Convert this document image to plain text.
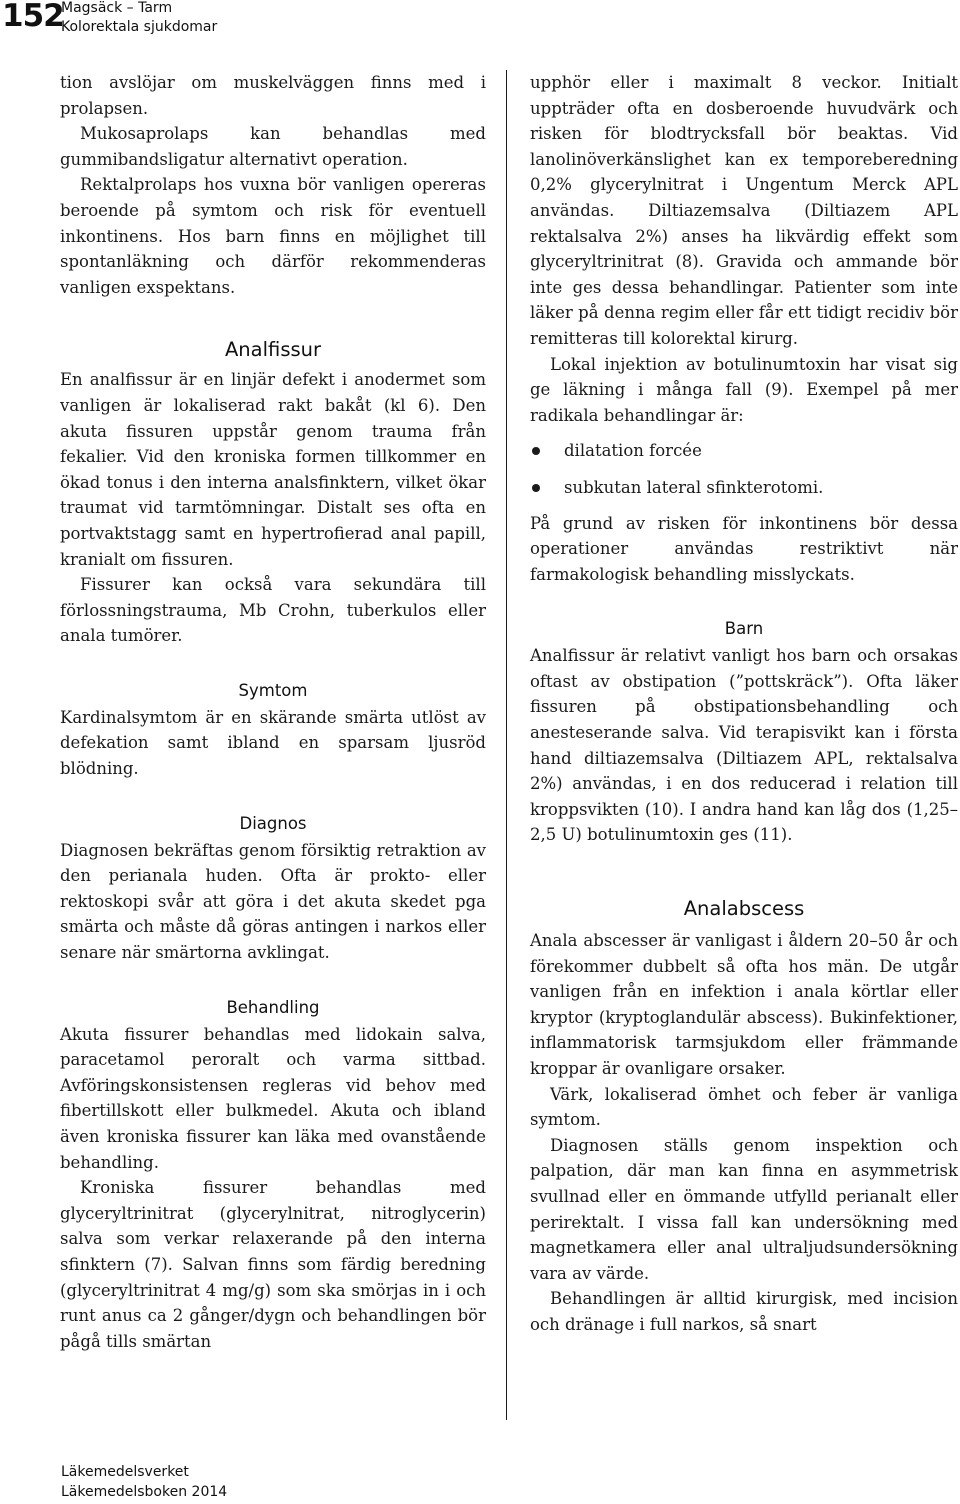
152
Magsäck – Tarm
Kolorektala sjukdomar

tion avslöjar om muskelväggen finns med i prolapsen.

Mukosaprolaps kan behandlas med gummibandsligatur alternativt operation.

Rektalprolaps hos vuxna bör vanligen opereras beroende på symtom och risk för eventuell inkontinens. Hos barn finns en möjlighet till spontanläkning och därför rekommenderas vanligen exspektans.

Analfissur

En analfissur är en linjär defekt i anodermet som vanligen är lokaliserad rakt bakåt (kl 6). Den akuta fissuren uppstår genom trauma från fekalier. Vid den kroniska formen tillkommer en ökad tonus i den interna analsfinktern, vilket ökar traumat vid tarmtömningar. Distalt ses ofta en portvaktstagg samt en hypertrofierad anal papill, kranialt om fissuren.

Fissurer kan också vara sekundära till förlossningstrauma, Mb Crohn, tuberkulos eller anala tumörer.

Symtom

Kardinalsymtom är en skärande smärta utlöst av defekation samt ibland en sparsam ljusröd blödning.

Diagnos

Diagnosen bekräftas genom försiktig retraktion av den perianala huden. Ofta är prokto- eller rektoskopi svår att göra i det akuta skedet pga smärta och måste då göras antingen i narkos eller senare när smärtorna avklingat.

Behandling

Akuta fissurer behandlas med lidokain salva, paracetamol peroralt och varma sittbad. Avföringskonsistensen regleras vid behov med fibertillskott eller bulkmedel. Akuta och ibland även kroniska fissurer kan läka med ovanstående behandling.

Kroniska fissurer behandlas med glyceryltrinitrat (glycerylnitrat, nitroglycerin) salva som verkar relaxerande på den interna sfinktern (7). Salvan finns som färdig beredning (glyceryltrinitrat 4 mg/g) som ska smörjas in i och runt anus ca 2 gånger/dygn och behandlingen bör pågå tills smärtan

upphör eller i maximalt 8 veckor. Initialt uppträder ofta en dosberoende huvudvärk och risken för blodtrycksfall bör beaktas. Vid lanolinöverkänslighet kan ex temporeberedning 0,2% glycerylnitrat i Ungentum Merck APL användas. Diltiazemsalva (Diltiazem APL rektalsalva 2%) anses ha likvärdig effekt som glyceryltrinitrat (8). Gravida och ammande bör inte ges dessa behandlingar. Patienter som inte läker på denna regim eller får ett tidigt recidiv bör remitteras till kolorektal kirurg.

Lokal injektion av botulinumtoxin har visat sig ge läkning i många fall (9). Exempel på mer radikala behandlingar är:

dilatation forcée
subkutan lateral sfinkterotomi.

På grund av risken för inkontinens bör dessa operationer användas restriktivt när farmakologisk behandling misslyckats.

Barn

Analfissur är relativt vanligt hos barn och orsakas oftast av obstipation (”pottskräck”). Ofta läker fissuren på obstipationsbehandling och anesteserande salva. Vid terapisvikt kan i första hand diltiazemsalva (Diltiazem APL, rektalsalva 2%) användas, i en dos reducerad i relation till kroppsvikten (10). I andra hand kan låg dos (1,25–2,5 U) botulinumtoxin ges (11).

Analabscess

Anala abscesser är vanligast i åldern 20–50 år och förekommer dubbelt så ofta hos män. De utgår vanligen från en infektion i anala körtlar eller kryptor (kryptoglandulär abscess). Bukinfektioner, inflammatorisk tarmsjukdom eller främmande kroppar är ovanligare orsaker.

Värk, lokaliserad ömhet och feber är vanliga symtom.

Diagnosen ställs genom inspektion och palpation, där man kan finna en asymmetrisk svullnad eller en ömmande utfylld perianalt eller perirektalt. I vissa fall kan undersökning med magnetkamera eller anal ultraljudsundersökning vara av värde.

Behandlingen är alltid kirurgisk, med incision och dränage i full narkos, så snart

Läkemedelsverket
Läkemedelsboken 2014
